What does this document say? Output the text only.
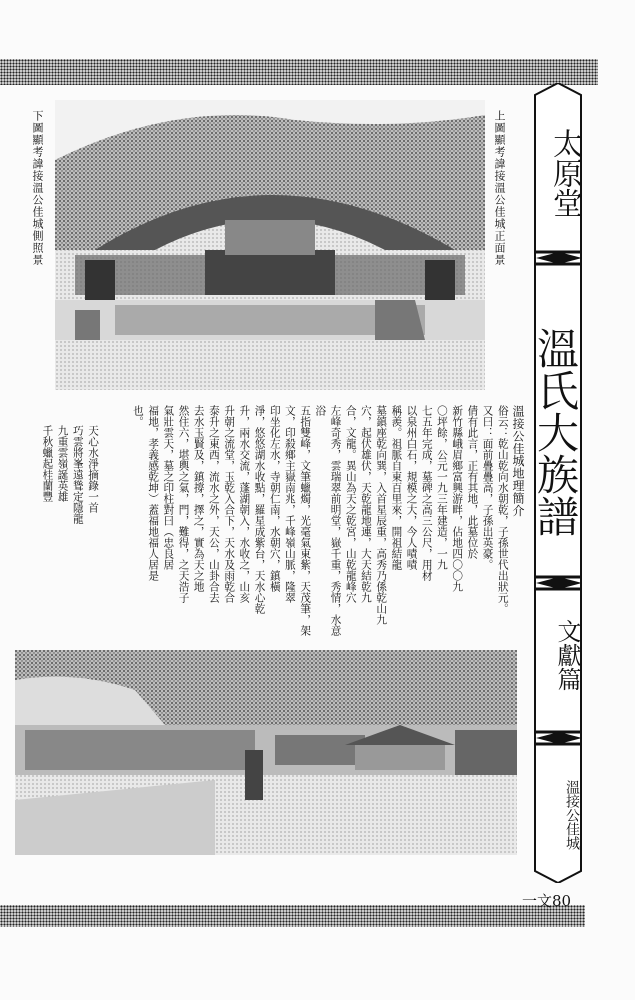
下圖顯考諱接溫公佳城側照景	上圖顯考諱接溫公佳城正面景
溫接公佳城地理簡介
俗云：乾山乾向水朝乾，子孫世代出狀元。
又曰：面前疊疊高，子孫出英豪。
倩有此言，正有其地，此墓位於
新竹縣峨眉鄉富興游畔，佔地四〇〇九
〇坪餘，公元一九三年建造，一九
七五年完成，墓碑之高三公尺，用材
以泉州白石，規模之大，今人嘖嘖
稱羨。祖脈自東百里來，開祖結龍
墓鎮座乾向巽，入首星辰重，高秀乃係乾山九
穴，起伏雄伏，天乾龍地連，大天結乾九
合，文龍。異山為天之乾宮，山乾龍峰穴
左峰奇秀，雲瑞翠前明堂，嶽千重，秀情，水意浴
五指雙峰，文筆蠟燭，光毫氣東紫，天茂筆，架
文，印殺鄉主嶽南兆，千峰嶺山脈，隆翠
印坐化左水，寺朝仁南，水朝穴，鎮橫
淨，悠悠湖水收點，羅星成紫台，天水心乾
升，兩水交流，蓬湖朝入，水收之，山亥
升朝之流堂，玉乾入合下，天水及雨乾合
泰升之東西，流水之外，天公，山卦合去
去水玉賢及，鎮撐，擇之，實為天之地
然住六，堪輿之氣，門，難得，之天浩子
氣壯雲天，墓之印柱對曰（忠良居
福地，孝義感乾坤）蓋福地福人居是
也。
天心水淨摘錄一首
巧雲將峯遠聳定隱龍
九重雲嶺誕英雄
千秋蠟起桂蘭豐
太原堂
溫氏大族譜
文獻篇
溫接公佳城
一文80
